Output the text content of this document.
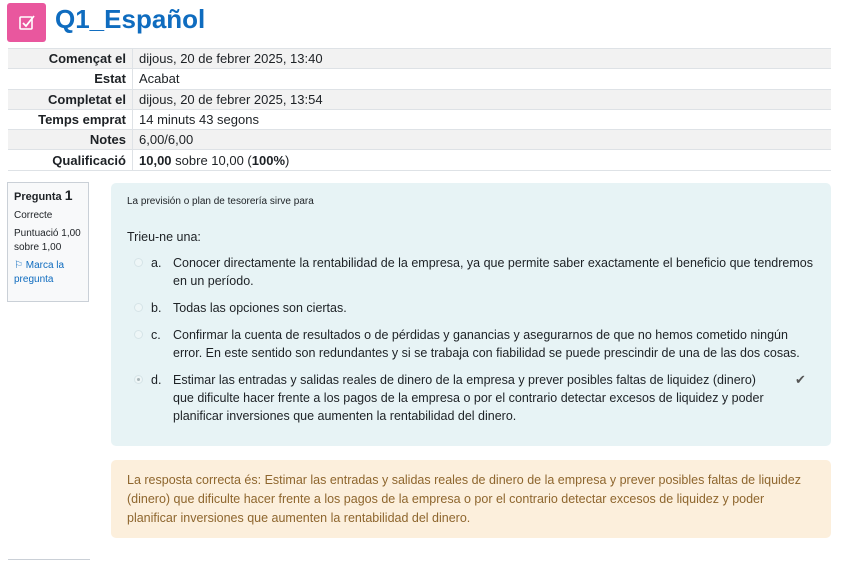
Q1_Español
Començat el	dijous, 20 de febrer 2025, 13:40
Estat	Acabat
Completat el	dijous, 20 de febrer 2025, 13:54
Temps emprat	14 minuts 43 segons
Notes	6,00/6,00
Qualificació	10,00 sobre 10,00 (100%)
Pregunta 1
Correcte
Puntuació 1,00 sobre 1,00
⚐ Marca la pregunta
La previsión o plan de tesorería sirve para
Trieu-ne una:
a. Conocer directamente la rentabilidad de la empresa, ya que permite saber exactamente el beneficio que tendremos en un período.
b. Todas las opciones son ciertas.
c. Confirmar la cuenta de resultados o de pérdidas y ganancias y asegurarnos de que no hemos cometido ningún error. En este sentido son redundantes y si se trabaja con fiabilidad se puede prescindir de una de las dos cosas.
d. Estimar las entradas y salidas reales de dinero de la empresa y prever posibles faltas de liquidez (dinero) que dificulte hacer frente a los pagos de la empresa o por el contrario detectar excesos de liquidez y poder planificar inversiones que aumenten la rentabilidad del dinero.
✔
La resposta correcta és: Estimar las entradas y salidas reales de dinero de la empresa y prever posibles faltas de liquidez (dinero) que dificulte hacer frente a los pagos de la empresa o por el contrario detectar excesos de liquidez y poder planificar inversiones que aumenten la rentabilidad del dinero.
